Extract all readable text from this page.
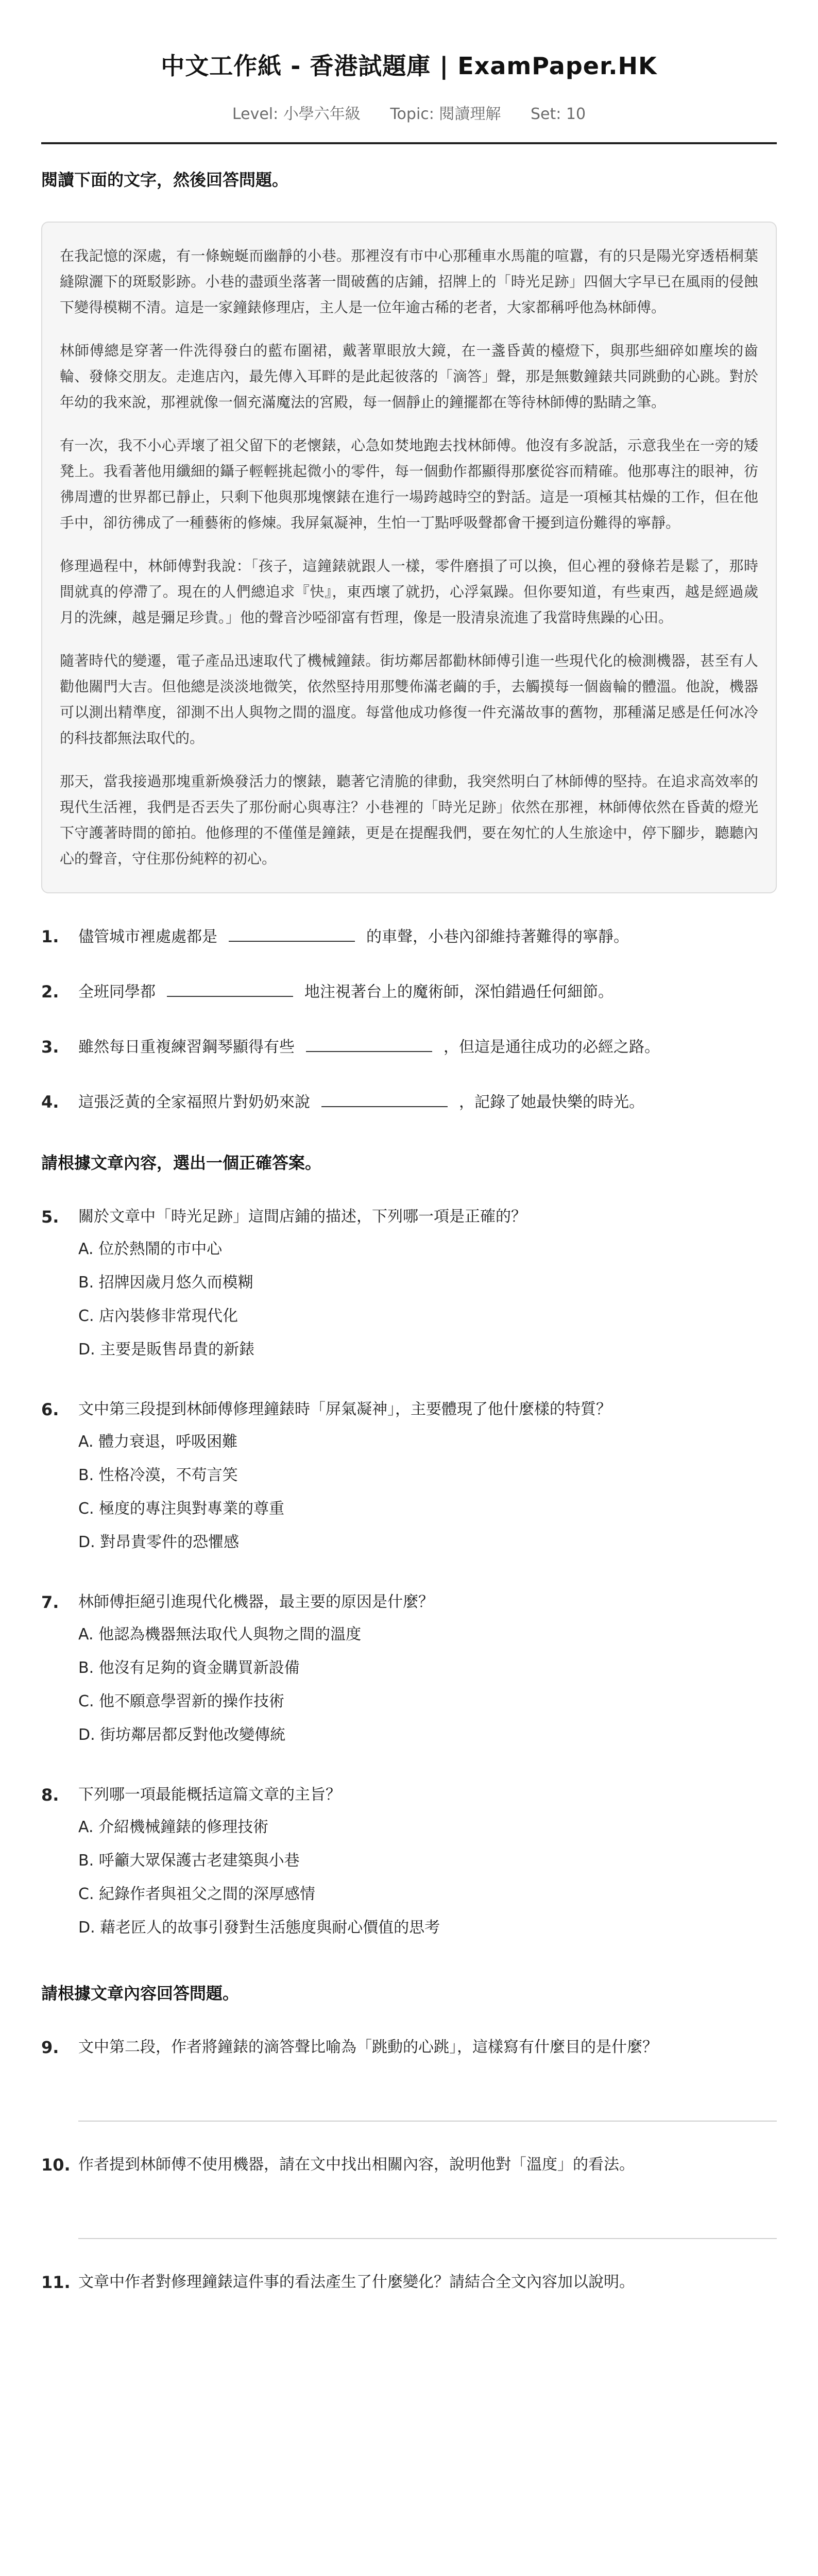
中文工作紙 - 香港試題庫 | ExamPaper.HK
Level: 小學六年級 Topic: 閱讀理解 Set: 10
閱讀下面的文字，然後回答問題。

在我記憶的深處，有一條蜿蜒而幽靜的小巷。那裡沒有市中心那種車水馬龍的喧囂，有的只是陽光穿透梧桐葉縫隙灑下的斑駁影跡。小巷的盡頭坐落著一間破舊的店鋪，招牌上的「時光足跡」四個大字早已在風雨的侵蝕下變得模糊不清。這是一家鐘錶修理店，主人是一位年逾古稀的老者，大家都稱呼他為林師傅。

林師傅總是穿著一件洗得發白的藍布圍裙，戴著單眼放大鏡，在一盞昏黃的檯燈下，與那些細碎如塵埃的齒輪、發條交朋友。走進店內，最先傳入耳畔的是此起彼落的「滴答」聲，那是無數鐘錶共同跳動的心跳。對於年幼的我來說，那裡就像一個充滿魔法的宮殿，每一個靜止的鐘擺都在等待林師傅的點睛之筆。

有一次，我不小心弄壞了祖父留下的老懷錶，心急如焚地跑去找林師傅。他沒有多說話，示意我坐在一旁的矮凳上。我看著他用纖細的鑷子輕輕挑起微小的零件，每一個動作都顯得那麼從容而精確。他那專注的眼神，彷彿周遭的世界都已靜止，只剩下他與那塊懷錶在進行一場跨越時空的對話。這是一項極其枯燥的工作，但在他手中，卻彷彿成了一種藝術的修煉。我屏氣凝神，生怕一丁點呼吸聲都會干擾到這份難得的寧靜。

修理過程中，林師傅對我說：「孩子，這鐘錶就跟人一樣，零件磨損了可以換，但心裡的發條若是鬆了，那時間就真的停滯了。現在的人們總追求『快』，東西壞了就扔，心浮氣躁。但你要知道，有些東西，越是經過歲月的洗練，越是彌足珍貴。」他的聲音沙啞卻富有哲理，像是一股清泉流進了我當時焦躁的心田。

隨著時代的變遷，電子產品迅速取代了機械鐘錶。街坊鄰居都勸林師傅引進一些現代化的檢測機器，甚至有人勸他關門大吉。但他總是淡淡地微笑，依然堅持用那雙佈滿老繭的手，去觸摸每一個齒輪的體溫。他說，機器可以測出精準度，卻測不出人與物之間的溫度。每當他成功修復一件充滿故事的舊物，那種滿足感是任何冰冷的科技都無法取代的。

那天，當我接過那塊重新煥發活力的懷錶，聽著它清脆的律動，我突然明白了林師傅的堅持。在追求高效率的現代生活裡，我們是否丟失了那份耐心與專注？小巷裡的「時光足跡」依然在那裡，林師傅依然在昏黃的燈光下守護著時間的節拍。他修理的不僅僅是鐘錶，更是在提醒我們，要在匆忙的人生旅途中，停下腳步，聽聽內心的聲音，守住那份純粹的初心。

1.	儘管城市裡處處都是	的車聲，小巷內卻維持著難得的寧靜。
2.	全班同學都	地注視著台上的魔術師，深怕錯過任何細節。
3.	雖然每日重複練習鋼琴顯得有些	，但這是通往成功的必經之路。
4.	這張泛黃的全家福照片對奶奶來說	，記錄了她最快樂的時光。
請根據文章內容，選出一個正確答案。
5.	關於文章中「時光足跡」這間店鋪的描述，下列哪一項是正確的？
A. 位於熱鬧的市中心
B. 招牌因歲月悠久而模糊
C. 店內裝修非常現代化
D. 主要是販售昂貴的新錶
6.	文中第三段提到林師傅修理鐘錶時「屏氣凝神」，主要體現了他什麼樣的特質？
A. 體力衰退，呼吸困難
B. 性格冷漠，不苟言笑
C. 極度的專注與對專業的尊重
D. 對昂貴零件的恐懼感
7.	林師傅拒絕引進現代化機器，最主要的原因是什麼？
A. 他認為機器無法取代人與物之間的溫度
B. 他沒有足夠的資金購買新設備
C. 他不願意學習新的操作技術
D. 街坊鄰居都反對他改變傳統
8.	下列哪一項最能概括這篇文章的主旨？
A. 介紹機械鐘錶的修理技術
B. 呼籲大眾保護古老建築與小巷
C. 紀錄作者與祖父之間的深厚感情
D. 藉老匠人的故事引發對生活態度與耐心價值的思考
請根據文章內容回答問題。
9.	文中第二段，作者將鐘錶的滴答聲比喻為「跳動的心跳」，這樣寫有什麼目的是什麼？
10. 作者提到林師傅不使用機器，請在文中找出相關內容，說明他對「溫度」的看法。
11. 文章中作者對修理鐘錶這件事的看法產生了什麼變化？請結合全文內容加以說明。
